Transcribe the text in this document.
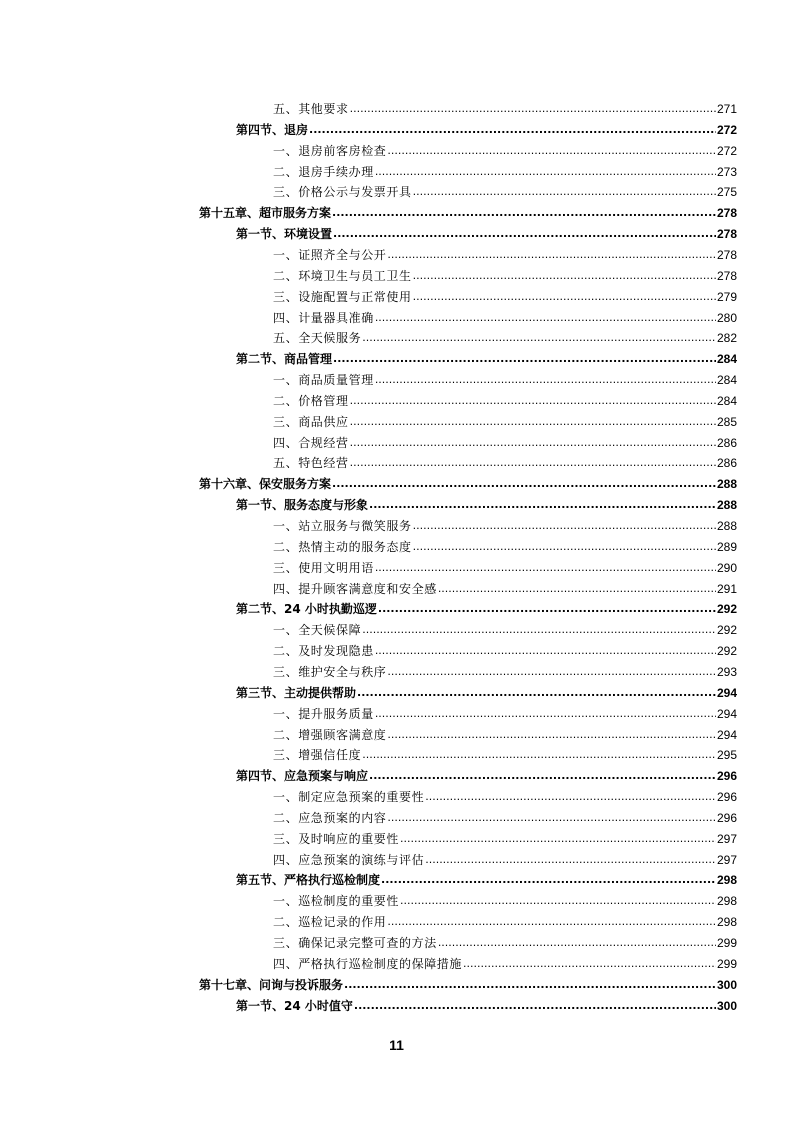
五、其他要求 .....	271
第四节、退房 .....	272
一、退房前客房检查 .....	272
二、退房手续办理 .....	273
三、价格公示与发票开具 .....	275
第十五章、超市服务方案 .....	278
第一节、环境设置 .....	278
一、证照齐全与公开 .....	278
二、环境卫生与员工卫生 .....	278
三、设施配置与正常使用 .....	279
四、计量器具准确 .....	280
五、全天候服务 .....	282
第二节、商品管理 .....	284
一、商品质量管理 .....	284
二、价格管理 .....	284
三、商品供应 .....	285
四、合规经营 .....	286
五、特色经营 .....	286
第十六章、保安服务方案 .....	288
第一节、服务态度与形象 .....	288
一、站立服务与微笑服务 .....	288
二、热情主动的服务态度 .....	289
三、使用文明用语 .....	290
四、提升顾客满意度和安全感 .....	291
第二节、24 小时执勤巡逻 .....	292
一、全天候保障 .....	292
二、及时发现隐患 .....	292
三、维护安全与秩序 .....	293
第三节、主动提供帮助 .....	294
一、提升服务质量 .....	294
二、增强顾客满意度 .....	294
三、增强信任度 .....	295
第四节、应急预案与响应 .....	296
一、制定应急预案的重要性 .....	296
二、应急预案的内容 .....	296
三、及时响应的重要性 .....	297
四、应急预案的演练与评估 .....	297
第五节、严格执行巡检制度 .....	298
一、巡检制度的重要性 .....	298
二、巡检记录的作用 .....	298
三、确保记录完整可查的方法 .....	299
四、严格执行巡检制度的保障措施 .....	299
第十七章、问询与投诉服务 .....	300
第一节、24 小时值守 .....	300
11
